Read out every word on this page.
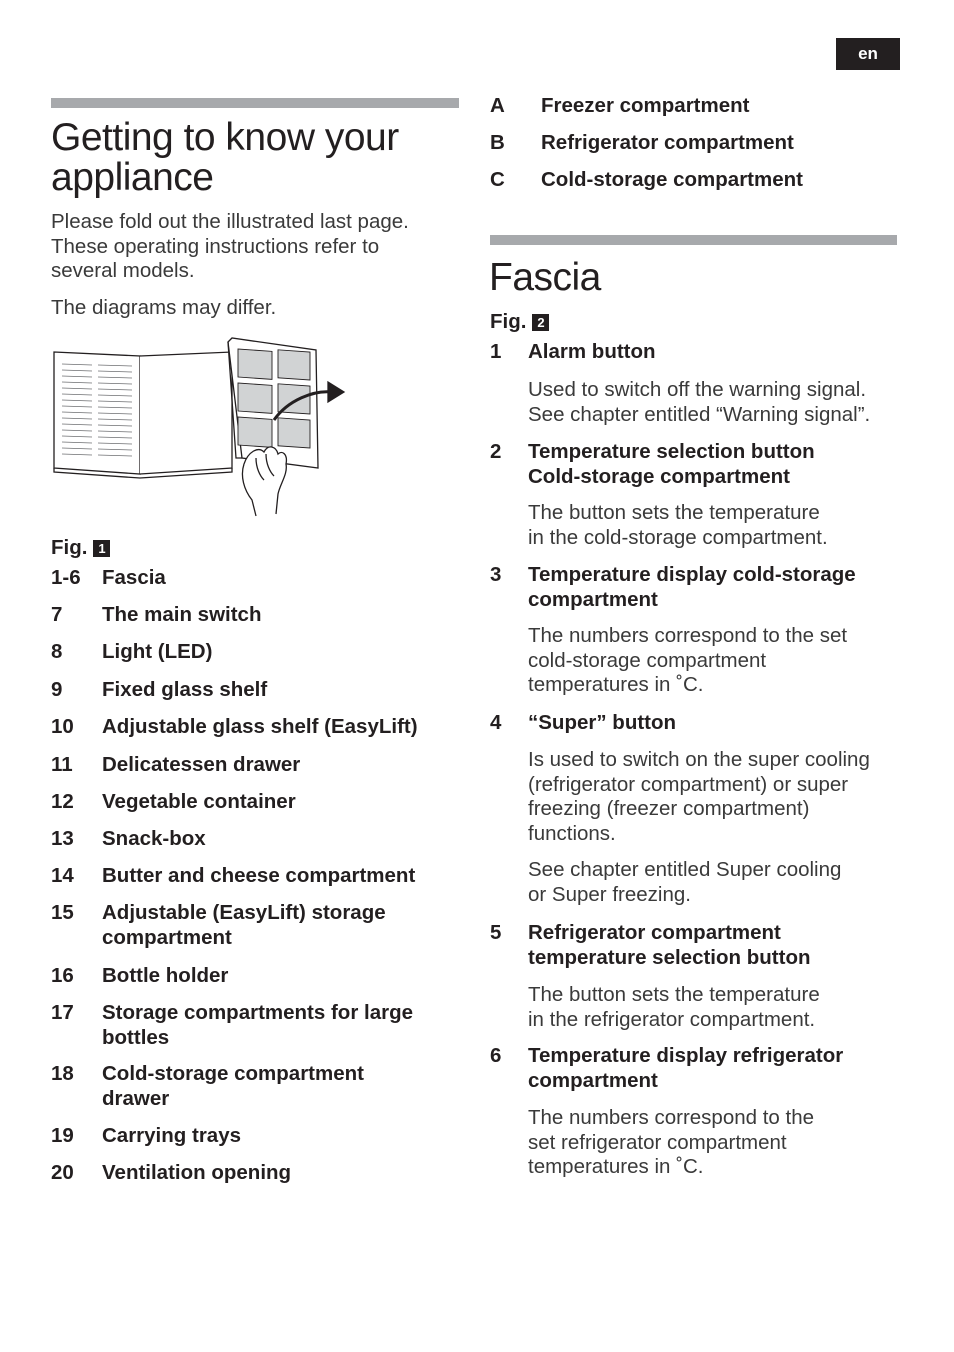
en
Getting to know your
appliance
Please fold out the illustrated last page.
These operating instructions refer to
several models.
The diagrams may differ.
Fig. 1
1-6 Fascia
7 The main switch
8 Light (LED)
9 Fixed glass shelf
10 Adjustable glass shelf (EasyLift)
11 Delicatessen drawer
12 Vegetable container
13 Snack-box
14 Butter and cheese compartment
15 Adjustable (EasyLift) storage
compartment
16 Bottle holder
17 Storage compartments for large
bottles
18 Cold-storage compartment
drawer
19 Carrying trays
20 Ventilation opening
A Freezer compartment
B Refrigerator compartment
C Cold-storage compartment
Fascia
Fig. 2
1 Alarm button
Used to switch off the warning signal.
See chapter entitled “Warning signal”.
2 Temperature selection button
Cold-storage compartment
The button sets the temperature
in the cold-storage compartment.
3 Temperature display cold-storage
compartment
The numbers correspond to the set
cold-storage compartment
temperatures in ˚C.
4 “Super” button
Is used to switch on the super cooling
(refrigerator compartment) or super
freezing (freezer compartment)
functions.
See chapter entitled Super cooling
or Super freezing.
5 Refrigerator compartment
temperature selection button
The button sets the temperature
in the refrigerator compartment.
6 Temperature display refrigerator
compartment
The numbers correspond to the
set refrigerator compartment
temperatures in ˚C.
